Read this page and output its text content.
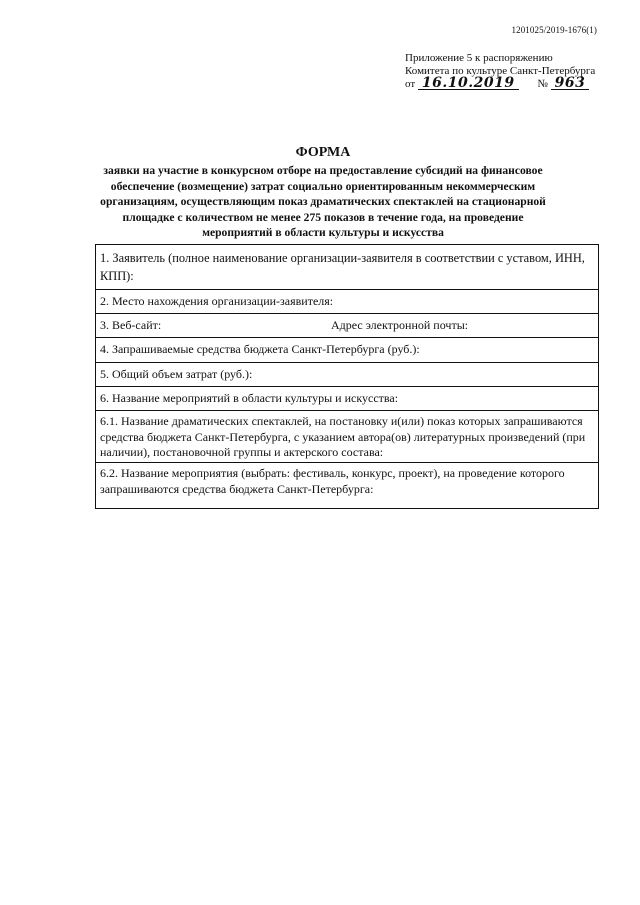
1201025/2019-1676(1)
Приложение 5 к распоряжению
Комитета по культуре Санкт-Петербурга
от 16.10.2019 № 963
ФОРМА
заявки на участие в конкурсном отборе на предоставление субсидий на финансовое обеспечение (возмещение) затрат социально ориентированным некоммерческим организациям, осуществляющим показ драматических спектаклей на стационарной площадке с количеством не менее 275 показов в течение года, на проведение мероприятий в области культуры и искусства
1. Заявитель (полное наименование организации-заявителя в соответствии с уставом, ИНН, КПП):
2. Место нахождения организации-заявителя:
3. Веб-сайт:	Адрес электронной почты:
4. Запрашиваемые средства бюджета Санкт-Петербурга (руб.):
5. Общий объем затрат (руб.):
6. Название мероприятий в области культуры и искусства:
6.1. Название драматических спектаклей, на постановку и(или) показ которых запрашиваются средства бюджета Санкт-Петербурга, с указанием автора(ов) литературных произведений (при наличии), постановочной группы и актерского состава:
6.2. Название мероприятия (выбрать: фестиваль, конкурс, проект), на проведение которого запрашиваются средства бюджета Санкт-Петербурга:
